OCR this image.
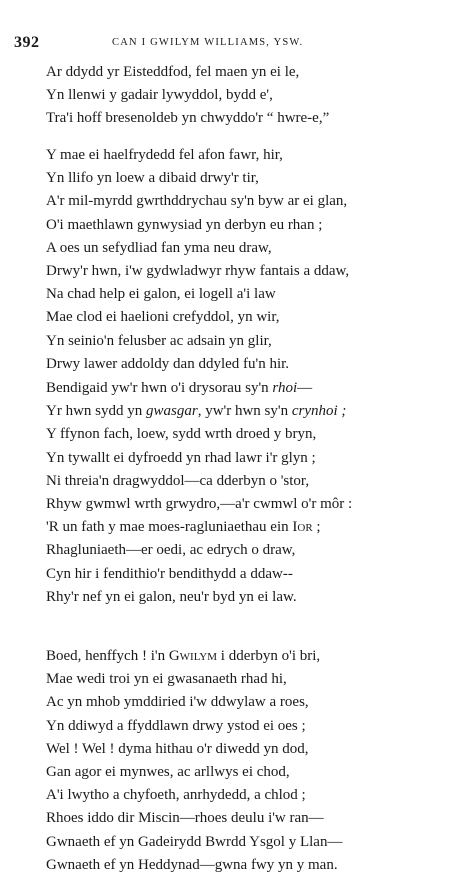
392	CAN I GWILYM WILLIAMS, YSW.
Ar ddydd yr Eisteddfod, fel maen yn ei le,
Yn llenwi y gadair lywyddol, bydd e',
Tra'i hoff bresenoldeb yn chwyddo'r “ hwre-e,”
Y mae ei haelfrydedd fel afon fawr, hir,
Yn llifo yn loew a dibaid drwy'r tir,
A'r mil-myrdd gwrthddrychau sy'n byw ar ei glan,
O'i maethlawn gynwysiad yn derbyn eu rhan ;
A oes un sefydliad fan yma neu draw,
Drwy'r hwn, i'w gydwladwyr rhyw fantais a ddaw,
Na chad help ei galon, ei logell a'i law
Mae clod ei haelioni crefyddol, yn wir,
Yn seinio'n felusber ac adsain yn glir,
Drwy lawer addoldy dan ddyled fu'n hir.
Bendigaid yw'r hwn o'i drysorau sy'n rhoi—
Yr hwn sydd yn gwasgar, yw'r hwn sy'n crynhoi ;
Y ffynon fach, loew, sydd wrth droed y bryn,
Yn tywallt ei dyfroedd yn rhad lawr i'r glyn ;
Ni threia'n dragwyddol—ca dderbyn o 'stor,
Rhyw gwmwl wrth grwydro,—a'r cwmwl o'r môr :
'R un fath y mae moes-ragluniaethau ein Ior ;
Rhagluniaeth—er oedi, ac edrych o draw,
Cyn hir i fendithio'r bendithydd a ddaw--
Rhy'r nef yn ei galon, neu'r byd yn ei law.
Boed, henffych ! i'n Gwilym i dderbyn o'i bri,
Mae wedi troi yn ei gwasanaeth rhad hi,
Ac yn mhob ymddiried i'w ddwylaw a roes,
Yn ddiwyd a ffyddlawn drwy ystod ei oes ;
Wel ! Wel ! dyma hithau o'r diwedd yn dod,
Gan agor ei mynwes, ac arllwys ei chod,
A'i lwytho a chyfoeth, anrhydedd, a chlod ;
Rhoes iddo dir Miscin—rhoes deulu i'w ran—
Gwnaeth ef yn Gadeirydd Bwrdd Ysgol y Llan—
Gwnaeth ef yn Heddynad—gwna fwy yn y man.
